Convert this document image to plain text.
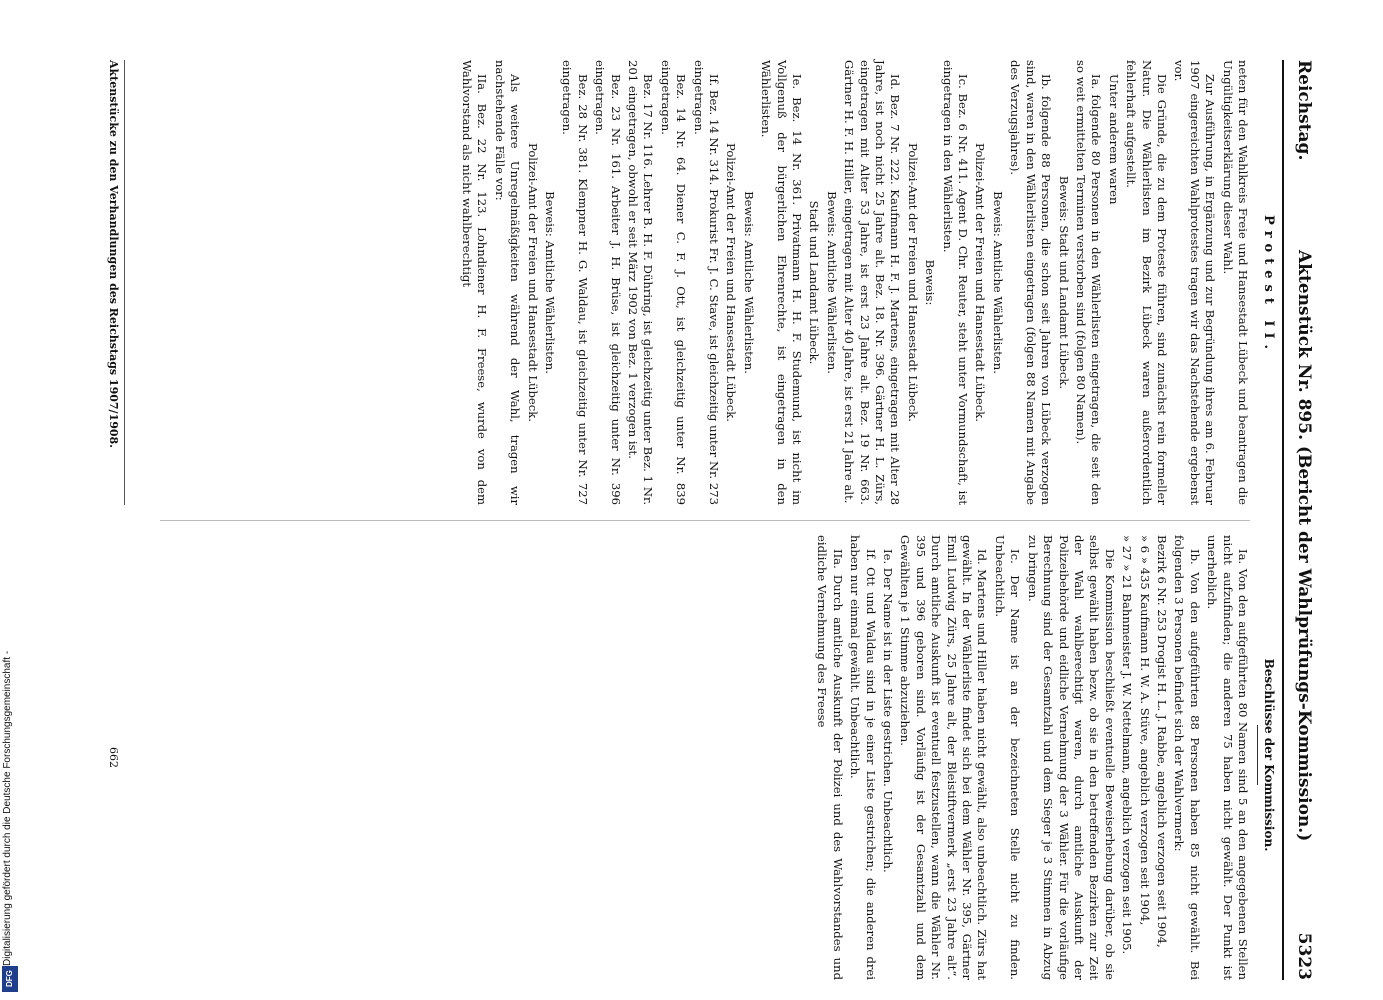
Digitalisierung gefördert durch die Deutsche Forschungsgemeinschaft -
DFG
Reichstag.
Aktenstück Nr. 895. (Bericht der Wahlprüfungs-Kommission.)
5323
Protest II.
Beschlüsse der Kommission.

neten für den Wahlkreis Freie und Hansestadt Lübeck und beantragen die Ungültigkeitserklärung dieser Wahl.

Zur Ausführung, in Ergänzung und zur Begründung ihres am 6. Februar 1907 eingereichten Wahlprotestes tragen wir das Nachstehende ergebenst vor.

Die Gründe, die zu dem Proteste führen, sind zunächst rein formeller Natur. Die Wählerlisten im Bezirk Lübeck waren außerordentlich fehlerhaft aufgestellt.

Unter anderem waren

Ia. folgende 80 Personen in den Wählerlisten eingetragen, die seit den so weit ermittelten Terminen verstorben sind (folgen 80 Namen).

Beweis: Stadt und Landamt Lübeck.

Ib. folgende 88 Personen, die schon seit Jahren von Lübeck verzogen sind, waren in den Wählerlisten eingetragen (folgen 88 Namen mit Angabe des Verzugsjahres).

Beweis: Amtliche Wählerlisten.

Polizei-Amt der Freien und Hansestadt Lübeck.

Ic. Bez. 6 Nr. 411. Agent D. Chr. Reuter, steht unter Vormundschaft, ist eingetragen in den Wählerlisten.

Beweis:

Polizei-Amt der Freien und Hansestadt Lübeck.

Id. Bez. 7 Nr. 222. Kaufmann H. F. J. Martens, eingetragen mit Alter 28 Jahre, ist noch nicht 25 Jahre alt. Bez. 18. Nr. 396. Gärtner H. L. Zürs, eingetragen mit Alter 53 Jahre, ist erst 23 Jahre alt. Bez. 19 Nr. 663. Gärtner H. F. H. Hiller, eingetragen mit Alter 40 Jahre, ist erst 21 Jahre alt.

Beweis: Amtliche Wählerlisten.

Stadt und Landamt Lübeck.

Ie. Bez. 14 Nr. 361. Privatmann H. H. F. Studemund, ist nicht im Vollgenuß der bürgerlichen Ehrenrechte, ist eingetragen in den Wählerlisten.

Beweis: Amtliche Wählerlisten.

Polizei-Amt der Freien und Hansestadt Lübeck.

If. Bez. 14 Nr. 314. Prokurist Fr. J. C. Stave, ist gleichzeitig unter Nr. 273 eingetragen.

Bez. 14 Nr. 64. Diener C. F. J. Ott, ist gleichzeitig unter Nr. 839 eingetragen.

Bez. 17 Nr. 116. Lehrer B. H. F. Dühring, ist gleichzeitig unter Bez. 1 Nr. 201 eingetragen, obwohl er seit März 1902 von Bez. 1 verzogen ist.

Bez. 23 Nr. 161. Arbeiter J. H. Brüse, ist gleichzeitig unter Nr. 396 eingetragen.

Bez. 28 Nr. 381. Klempner H. G. Waldau, ist gleichzeitig unter Nr. 727 eingetragen.

Beweis: Amtliche Wählerlisten.

Polizei-Amt der Freien und Hansestadt Lübeck.

Als weitere Unregelmäßigkeiten während der Wahl, tragen wir nachstehende Fälle vor:

IIa. Bez. 22 Nr. 123. Lohndiener H. F. Freese, wurde von dem Wahlvorstand als nicht wahlberechtigt

Ia. Von den aufgeführten 80 Namen sind 5 an den angegebenen Stellen nicht aufzufinden; die anderen 75 haben nicht gewählt. Der Punkt ist unerheblich.

Ib. Von den aufgeführten 88 Personen haben 85 nicht gewählt. Bei folgenden 3 Personen befindet sich der Wahlvermerk:

Bezirk 6 Nr. 253 Drogist H. L. J. Rabbe, angeblich verzogen seit 1904,

» 6 » 435 Kaufmann H. W. A. Stüve, angeblich verzogen seit 1904,

» 27 » 21 Bahnmeister J. W. Nettelmann, angeblich verzogen seit 1905.

Die Kommission beschließt eventuelle Beweiserhebung darüber, ob sie selbst gewählt haben bezw. ob sie in den betreffenden Bezirken zur Zeit der Wahl wahlberechtigt waren, durch amtliche Auskunft der Polizeibehörde und eidliche Vernehmung der 3 Wähler. Für die vorläufige Berechnung sind der Gesamtzahl und dem Sieger je 3 Stimmen in Abzug zu bringen.

Ic. Der Name ist an der bezeichneten Stelle nicht zu finden. Unbeachtlich.

Id. Martens und Hiller haben nicht gewählt, also unbeachtlich. Zürs hat gewählt. In der Wählerliste findet sich bei dem Wähler Nr. 395, Gärtner Emil Ludwig Zürs, 25 Jahre alt, der Bleistiftvermerk „erst 23 Jahre alt“. Durch amtliche Auskunft ist eventuell festzustellen, wann die Wähler Nr. 395 und 396 geboren sind. Vorläufig ist der Gesamtzahl und dem Gewählten je 1 Stimme abzuziehen.

Ie. Der Name ist in der Liste gestrichen. Unbeachtlich.

If. Ott und Waldau sind in je einer Liste gestrichen; die anderen drei haben nur einmal gewählt. Unbeachtlich.

IIa. Durch amtliche Auskunft der Polizei und des Wahlvorstandes und eidliche Vernehmung des Freese

Aktenstücke zu den Verhandlungen des Reichstags 1907/1908.
662
